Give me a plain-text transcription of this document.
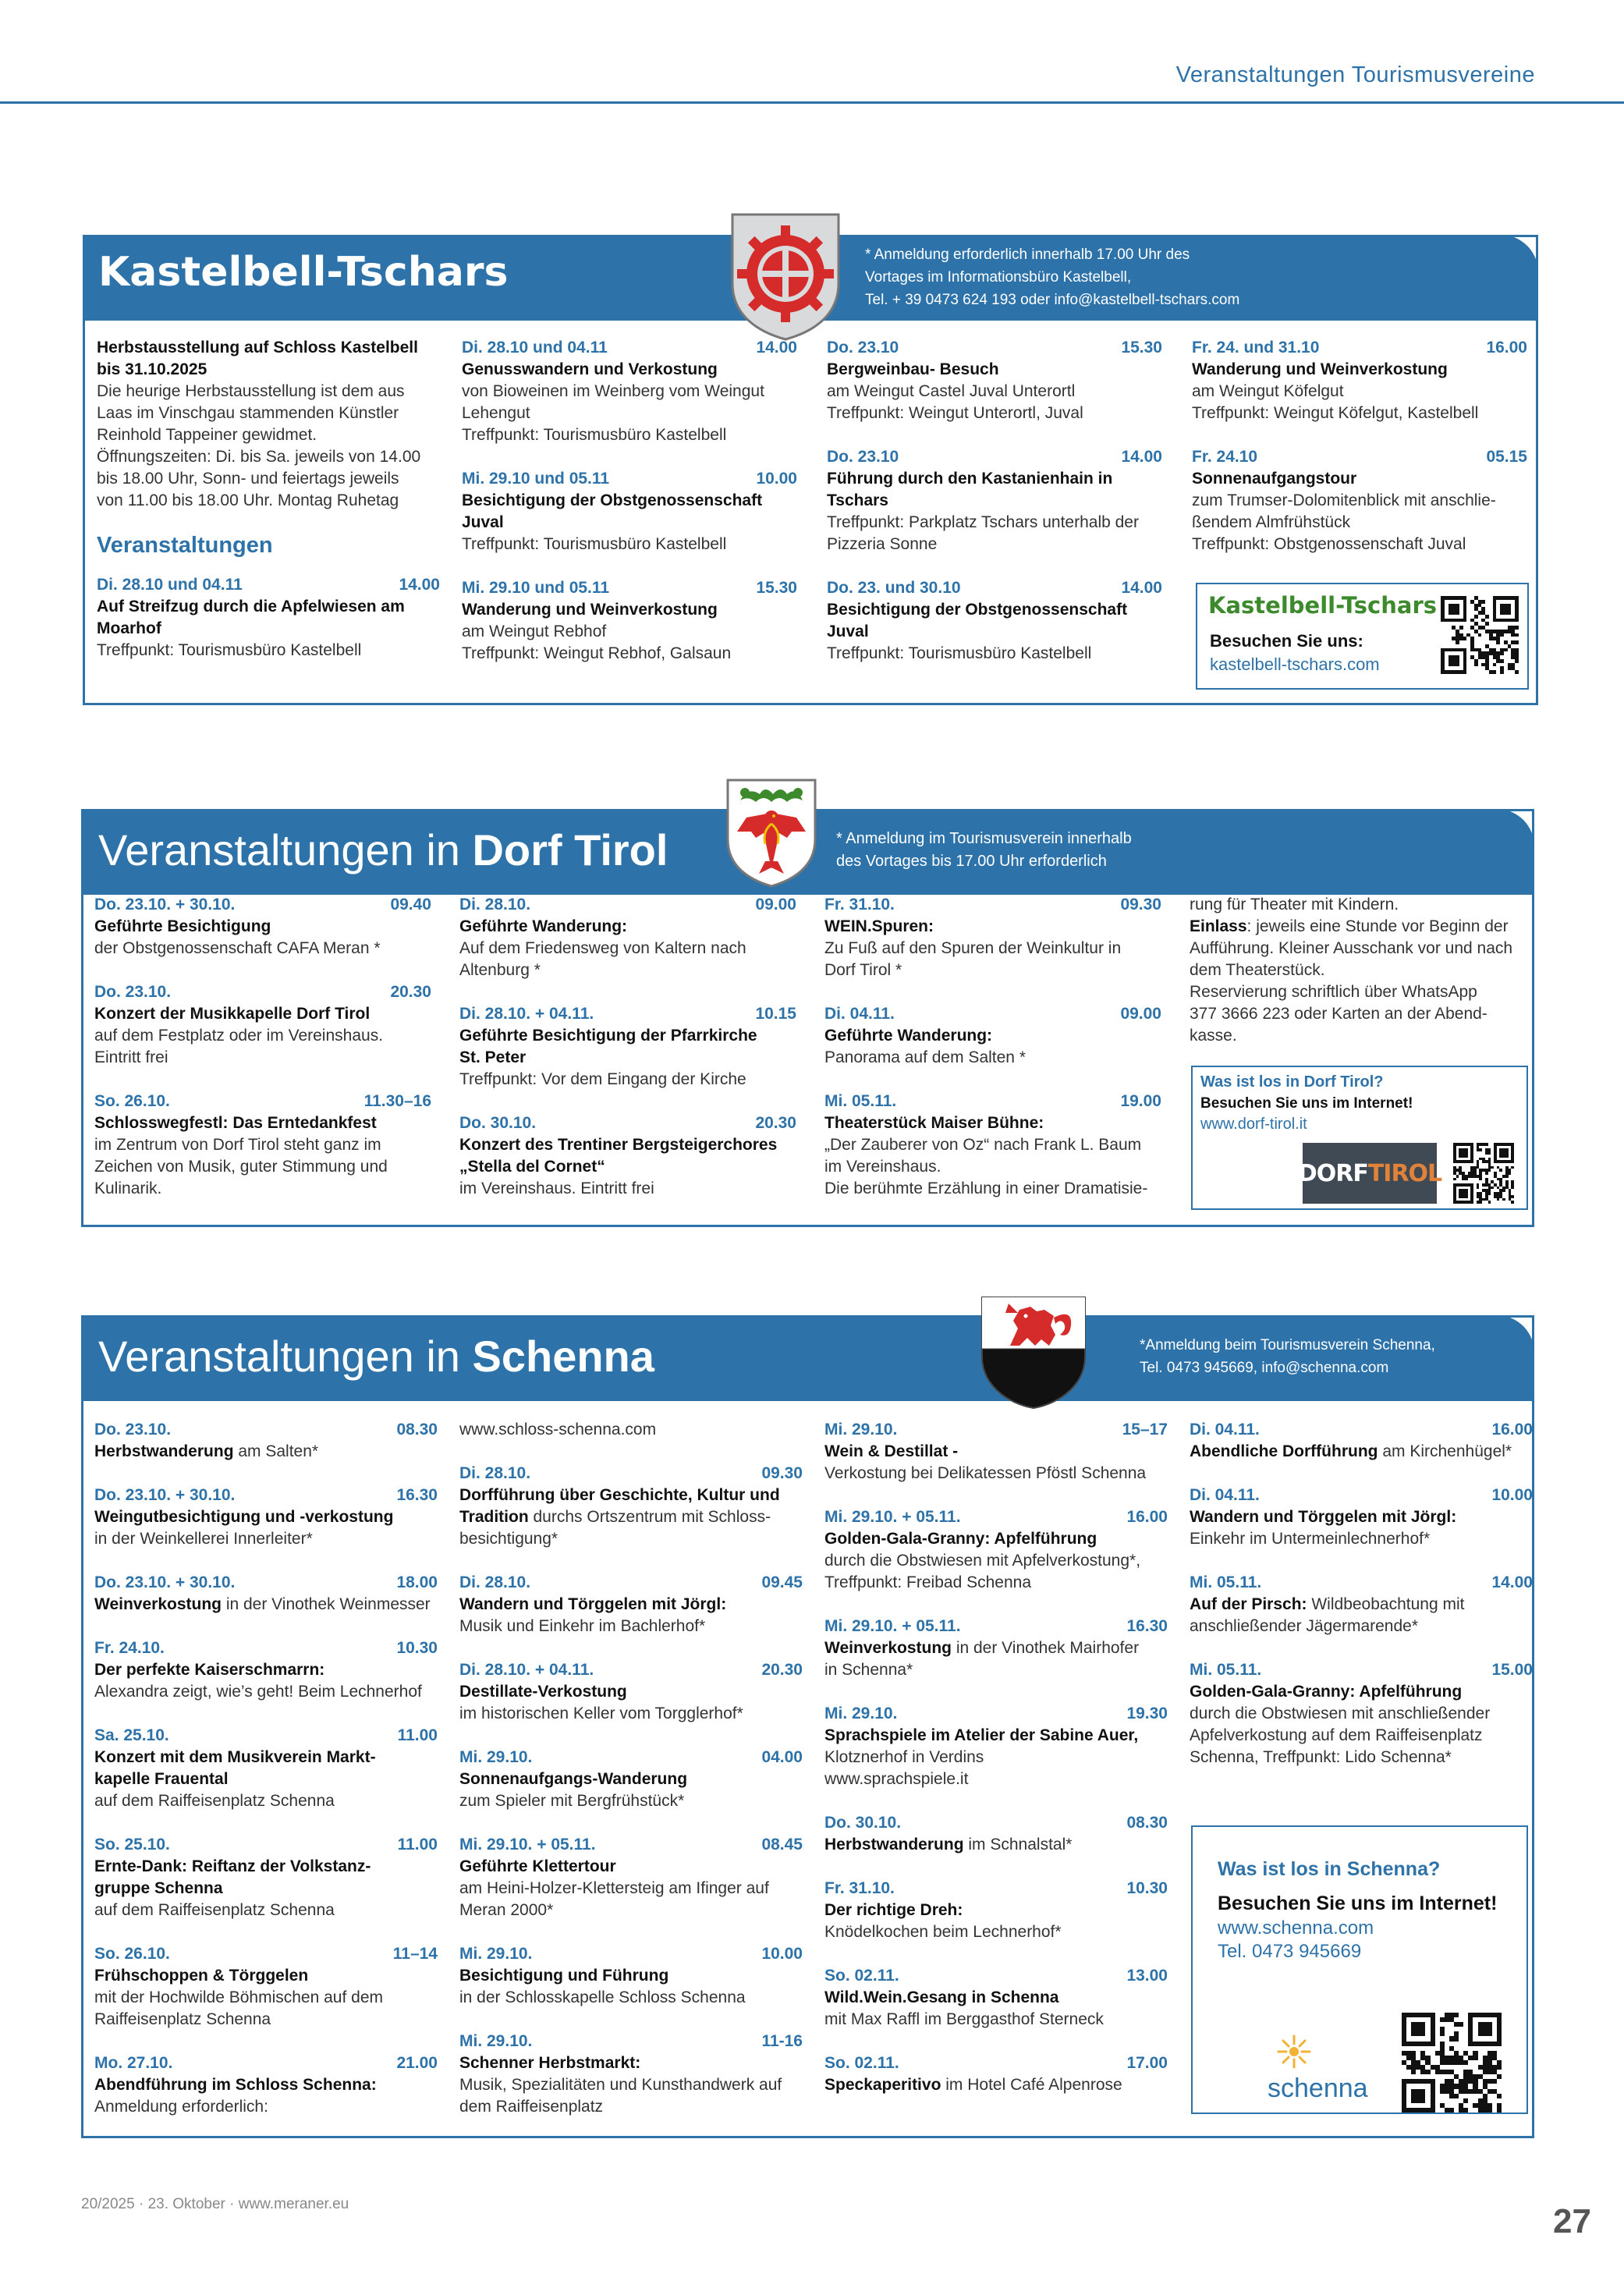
Veranstaltungen Tourismusvereine
Kastelbell-Tschars	* Anmeldung erforderlich innerhalb 17.00 Uhr des
Vortages im Informationsbüro Kastelbell,
Tel. + 39 0473 624 193 oder info@kastelbell-tschars.com
Herbstausstellung auf Schloss Kastelbell
bis 31.10.2025
Die heurige Herbstausstellung ist dem aus
Laas im Vinschgau stammenden Künstler
Reinhold Tappeiner gewidmet.
Öffnungszeiten: Di. bis Sa. jeweils von 14.00
bis 18.00 Uhr, Sonn- und feiertags jeweils
von 11.00 bis 18.00 Uhr. Montag Ruhetag
Veranstaltungen
Di. 28.10 und 04.11	14.00
Auf Streifzug durch die Apfelwiesen am
Moarhof
Treffpunkt: Tourismusbüro Kastelbell
Di. 28.10 und 04.11	14.00
Genusswandern und Verkostung
von Bioweinen im Weinberg vom Weingut
Lehengut
Treffpunkt: Tourismusbüro Kastelbell
Mi. 29.10 und 05.11	10.00
Besichtigung der Obstgenossenschaft
Juval
Treffpunkt: Tourismusbüro Kastelbell
Mi. 29.10 und 05.11	15.30
Wanderung und Weinverkostung
am Weingut Rebhof
Treffpunkt: Weingut Rebhof, Galsaun
Do. 23.10	15.30
Bergweinbau- Besuch
am Weingut Castel Juval Unterortl
Treffpunkt: Weingut Unterortl, Juval
Do. 23.10	14.00
Führung durch den Kastanienhain in
Tschars
Treffpunkt: Parkplatz Tschars unterhalb der
Pizzeria Sonne
Do. 23. und 30.10	14.00
Besichtigung der Obstgenossenschaft
Juval
Treffpunkt: Tourismusbüro Kastelbell
Fr. 24. und 31.10	16.00
Wanderung und Weinverkostung
am Weingut Köfelgut
Treffpunkt: Weingut Köfelgut, Kastelbell
Fr. 24.10	05.15
Sonnenaufgangstour
zum Trumser-Dolomitenblick mit anschlie-
ßendem Almfrühstück
Treffpunkt: Obstgenossenschaft Juval
Kastelbell-Tschars
Besuchen Sie uns:
kastelbell-tschars.com
Veranstaltungen in Dorf Tirol	* Anmeldung im Tourismusverein innerhalb
des Vortages bis 17.00 Uhr erforderlich
Do. 23.10. + 30.10.	09.40
Geführte Besichtigung
der Obstgenossenschaft CAFA Meran *
Do. 23.10.	20.30
Konzert der Musikkapelle Dorf Tirol
auf dem Festplatz oder im Vereinshaus.
Eintritt frei
So. 26.10.	11.30–16
Schlosswegfestl: Das Erntedankfest
im Zentrum von Dorf Tirol steht ganz im
Zeichen von Musik, guter Stimmung und
Kulinarik.
Di. 28.10.	09.00
Geführte Wanderung:
Auf dem Friedensweg von Kaltern nach
Altenburg *
Di. 28.10. + 04.11.	10.15
Geführte Besichtigung der Pfarrkirche
St. Peter
Treffpunkt: Vor dem Eingang der Kirche
Do. 30.10.	20.30
Konzert des Trentiner Bergsteigerchores
„Stella del Cornet“
im Vereinshaus. Eintritt frei
Fr. 31.10.	09.30
WEIN.Spuren:
Zu Fuß auf den Spuren der Weinkultur in
Dorf Tirol *
Di. 04.11.	09.00
Geführte Wanderung:
Panorama auf dem Salten *
Mi. 05.11.	19.00
Theaterstück Maiser Bühne:
„Der Zauberer von Oz“ nach Frank L. Baum
im Vereinshaus.
Die berühmte Erzählung in einer Dramatisie-
rung für Theater mit Kindern.
Einlass: jeweils eine Stunde vor Beginn der
Aufführung. Kleiner Ausschank vor und nach
dem Theaterstück.
Reservierung schriftlich über WhatsApp
377 3666 223 oder Karten an der Abend-
kasse.
Was ist los in Dorf Tirol?
Besuchen Sie uns im Internet!
www.dorf-tirol.it
DORF TIROL
Veranstaltungen in Schenna	*Anmeldung beim Tourismusverein Schenna,
Tel. 0473 945669, info@schenna.com
Do. 23.10.	08.30
Herbstwanderung am Salten*
Do. 23.10. + 30.10.	16.30
Weingutbesichtigung und -verkostung
in der Weinkellerei Innerleiter*
Do. 23.10. + 30.10.	18.00
Weinverkostung in der Vinothek Weinmesser
Fr. 24.10.	10.30
Der perfekte Kaiserschmarrn:
Alexandra zeigt, wie’s geht! Beim Lechnerhof
Sa. 25.10.	11.00
Konzert mit dem Musikverein Markt-
kapelle Frauental
auf dem Raiffeisenplatz Schenna
So. 25.10.	11.00
Ernte-Dank: Reiftanz der Volkstanz-
gruppe Schenna
auf dem Raiffeisenplatz Schenna
So. 26.10.	11–14
Frühschoppen & Törggelen
mit der Hochwilde Böhmischen auf dem
Raiffeisenplatz Schenna
Mo. 27.10.	21.00
Abendführung im Schloss Schenna:
Anmeldung erforderlich:
www.schloss-schenna.com
Di. 28.10.	09.30
Dorfführung über Geschichte, Kultur und
Tradition durchs Ortszentrum mit Schloss-
besichtigung*
Di. 28.10.	09.45
Wandern und Törggelen mit Jörgl:
Musik und Einkehr im Bachlerhof*
Di. 28.10. + 04.11.	20.30
Destillate-Verkostung
im historischen Keller vom Torgglerhof*
Mi. 29.10.	04.00
Sonnenaufgangs-Wanderung
zum Spieler mit Bergfrühstück*
Mi. 29.10. + 05.11.	08.45
Geführte Klettertour
am Heini-Holzer-Klettersteig am Ifinger auf
Meran 2000*
Mi. 29.10.	10.00
Besichtigung und Führung
in der Schlosskapelle Schloss Schenna
Mi. 29.10.	11-16
Schenner Herbstmarkt:
Musik, Spezialitäten und Kunsthandwerk auf
dem Raiffeisenplatz
Mi. 29.10.	15–17
Wein & Destillat -
Verkostung bei Delikatessen Pföstl Schenna
Mi. 29.10. + 05.11.	16.00
Golden-Gala-Granny: Apfelführung
durch die Obstwiesen mit Apfelverkostung*,
Treffpunkt: Freibad Schenna
Mi. 29.10. + 05.11.	16.30
Weinverkostung in der Vinothek Mairhofer
in Schenna*
Mi. 29.10.	19.30
Sprachspiele im Atelier der Sabine Auer,
Klotznerhof in Verdins
www.sprachspiele.it
Do. 30.10.	08.30
Herbstwanderung im Schnalstal*
Fr. 31.10.	10.30
Der richtige Dreh:
Knödelkochen beim Lechnerhof*
So. 02.11.	13.00
Wild.Wein.Gesang in Schenna
mit Max Raffl im Berggasthof Sterneck
So. 02.11.	17.00
Speckaperitivo im Hotel Café Alpenrose
Di. 04.11.	16.00
Abendliche Dorfführung am Kirchenhügel*
Di. 04.11.	10.00
Wandern und Törggelen mit Jörgl:
Einkehr im Untermeinlechnerhof*
Mi. 05.11.	14.00
Auf der Pirsch: Wildbeobachtung mit
anschließender Jägermarende*
Mi. 05.11.	15.00
Golden-Gala-Granny: Apfelführung
durch die Obstwiesen mit anschließender
Apfelverkostung auf dem Raiffeisenplatz
Schenna, Treffpunkt: Lido Schenna*
Was ist los in Schenna?
Besuchen Sie uns im Internet!
www.schenna.com
Tel. 0473 945669
schenna
20/2025 · 23. Oktober · www.meraner.eu	27
